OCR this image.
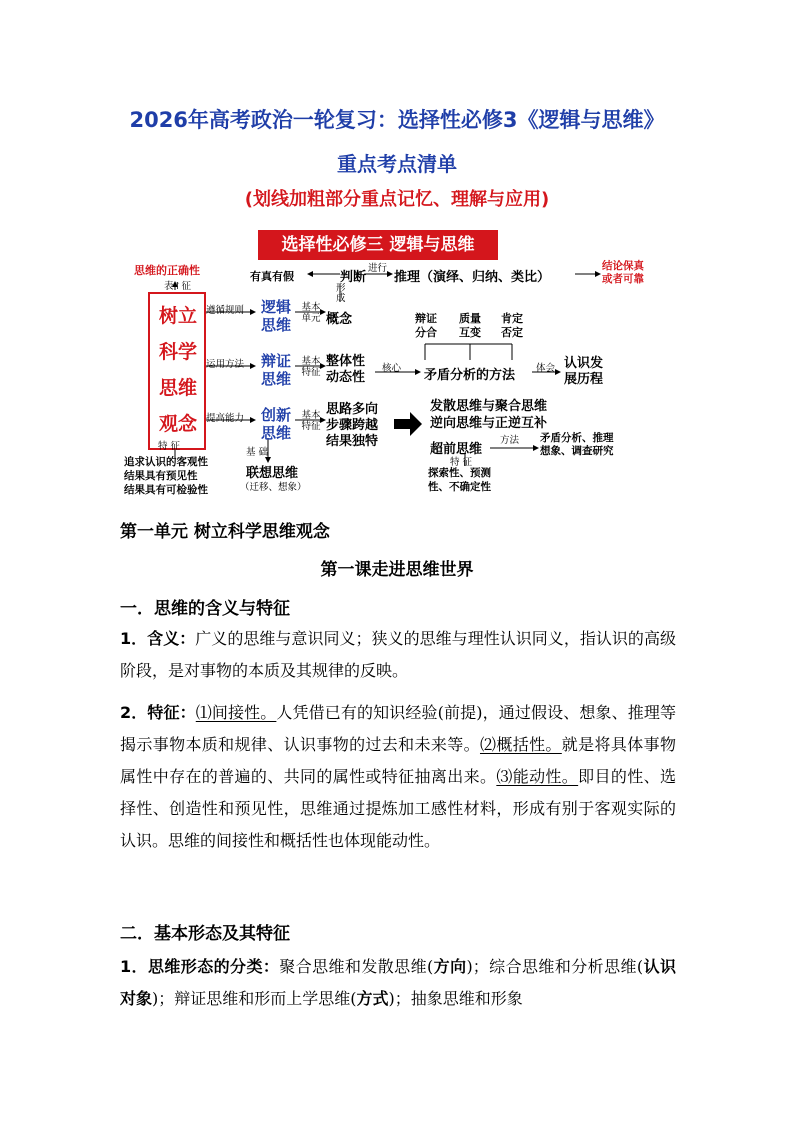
2026年高考政治一轮复习：选择性必修3《逻辑与思维》
重点考点清单
(划线加粗部分重点记忆、理解与应用)
选择性必修三 逻辑与思维
思维的正确性
表↑征
树立
科学
思维
观念
特 征
追求认识的客观性
结果具有预见性
结果具有可检验性
遵循规则
运用方法
提高能力
逻辑
思维
辩证
思维
创新
思维
基本
单元 概念
形成
判断
有真有假
进行
推理（演绎、归纳、类比）
结论保真
或者可靠
基本
特征
整体性
动态性
核心 矛盾分析的方法
辩证
分合
质量
互变
肯定
否定
体会 认识发
展历程
基本
特征
思路多向
步骤跨越
结果独特
发散思维与聚合思维
逆向思维与正逆互补
超前思维
方法 矛盾分析、推理
想象、调查研究
特 征
探索性、预测
性、不确定性
基 础
联想思维
（迁移、想象）
第一单元 树立科学思维观念
第一课走进思维世界
一．思维的含义与特征
1．含义：广义的思维与意识同义；狭义的思维与理性认识同义，指认识的高级阶段，是对事物的本质及其规律的反映。
2．特征：⑴间接性。人凭借已有的知识经验(前提)，通过假设、想象、推理等揭示事物本质和规律、认识事物的过去和未来等。⑵概括性。就是将具体事物属性中存在的普遍的、共同的属性或特征抽离出来。⑶能动性。即目的性、选择性、创造性和预见性，思维通过提炼加工感性材料，形成有别于客观实际的认识。思维的间接性和概括性也体现能动性。
二．基本形态及其特征
1．思维形态的分类：聚合思维和发散思维(方向)；综合思维和分析思维(认识对象)；辩证思维和形而上学思维(方式)；抽象思维和形象
